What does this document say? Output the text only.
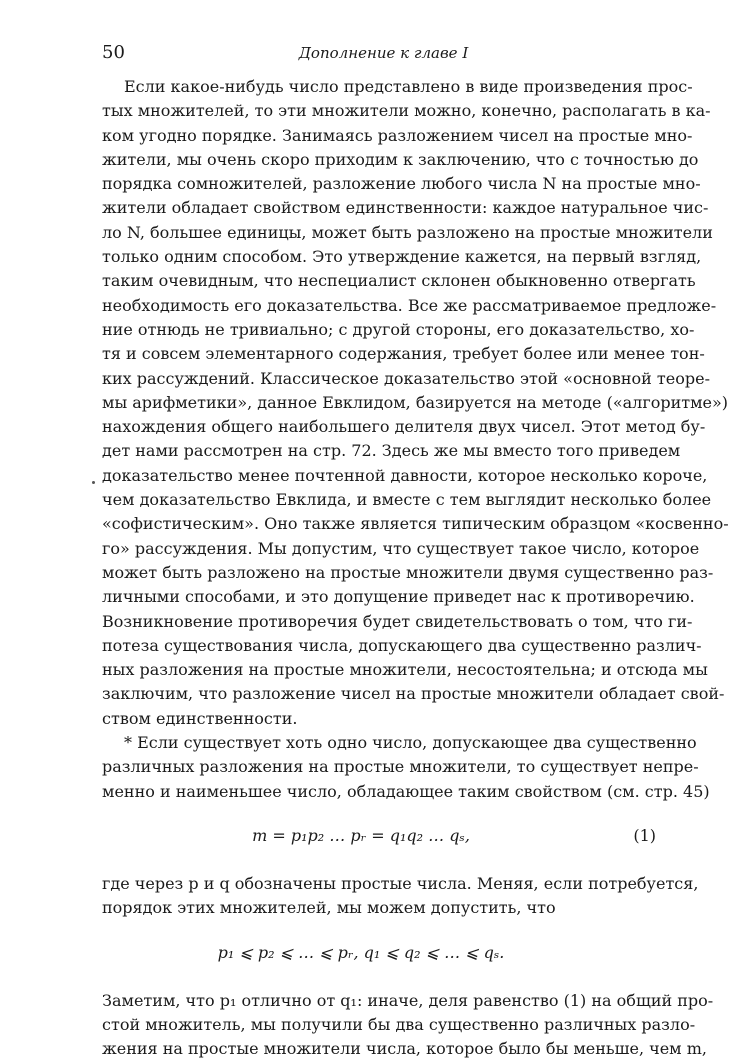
50	Дополнение к главе I
Если какое-нибудь число представлено в виде произведения прос-
тых множителей, то эти множители можно, конечно, располагать в ка-
ком угодно порядке. Занимаясь разложением чисел на простые мно-
жители, мы очень скоро приходим к заключению, что с точностью до
порядка сомножителей, разложение любого числа N на простые мно-
жители обладает свойством единственности: каждое натуральное чис-
ло N, большее единицы, может быть разложено на простые множители
только одним способом. Это утверждение кажется, на первый взгляд,
таким очевидным, что неспециалист склонен обыкновенно отвергать
необходимость его доказательства. Все же рассматриваемое предложе-
ние отнюдь не тривиально; с другой стороны, его доказательство, хо-
тя и совсем элементарного содержания, требует более или менее тон-
ких рассуждений. Классическое доказательство этой «основной теоре-
мы арифметики», данное Евклидом, базируется на методе («алгоритме»)
нахождения общего наибольшего делителя двух чисел. Этот метод бу-
дет нами рассмотрен на стр. 72. Здесь же мы вместо того приведем
доказательство менее почтенной давности, которое несколько короче,
чем доказательство Евклида, и вместе с тем выглядит несколько более
«софистическим». Оно также является типическим образцом «косвенно-
го» рассуждения. Мы допустим, что существует такое число, которое
может быть разложено на простые множители двумя существенно раз-
личными способами, и это допущение приведет нас к противоречию.
Возникновение противоречия будет свидетельствовать о том, что ги-
потеза существования числа, допускающего два существенно различ-
ных разложения на простые множители, несостоятельна; и отсюда мы
заключим, что разложение чисел на простые множители обладает свой-
ством единственности.
* Если существует хоть одно число, допускающее два существенно
различных разложения на простые множители, то существует непре-
менно и наименьшее число, обладающее таким свойством (см. стр. 45)
m = p₁p₂ … pᵣ = q₁q₂ … qₛ,	(1)
где через p и q обозначены простые числа. Меняя, если потребуется,
порядок этих множителей, мы можем допустить, что
p₁ ⩽ p₂ ⩽ … ⩽ pᵣ, q₁ ⩽ q₂ ⩽ … ⩽ qₛ.
Заметим, что p₁ отлично от q₁: иначе, деля равенство (1) на общий про-
стой множитель, мы получили бы два существенно различных разло-
жения на простые множители числа, которое было бы меньше, чем m,
